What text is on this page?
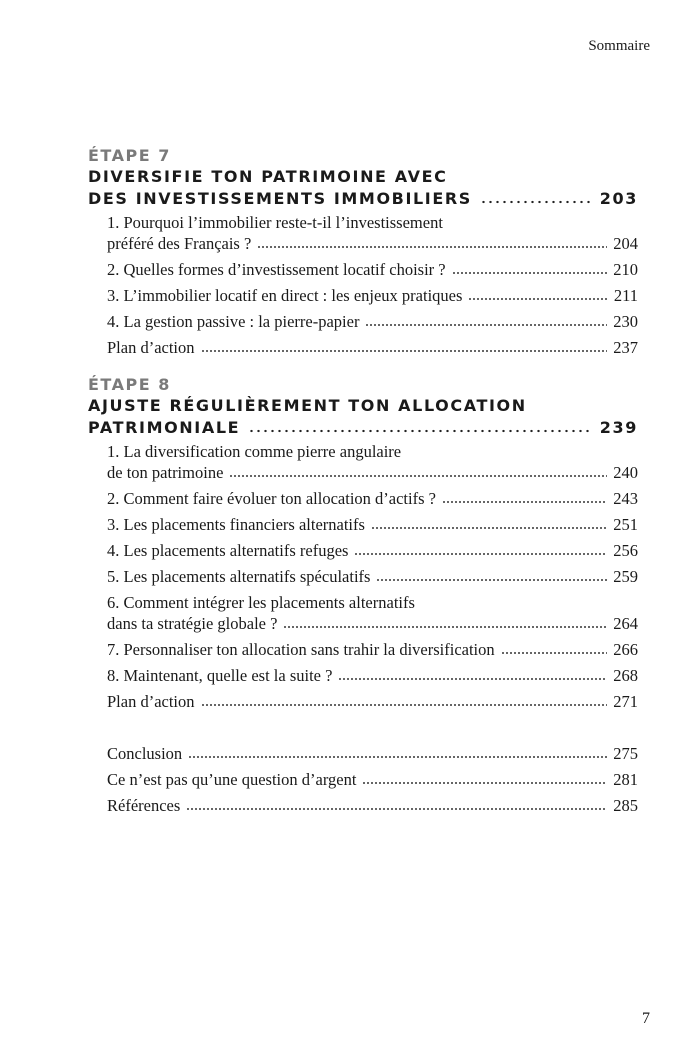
Sommaire
ÉTAPE 7
DIVERSIFIE TON PATRIMOINE AVEC
DES INVESTISSEMENTS IMMOBILIERS	203
1. Pourquoi l’immobilier reste-t-il l’investissement
préféré des Français ?	204
2. Quelles formes d’investissement locatif choisir ?	210
3. L’immobilier locatif en direct : les enjeux pratiques	211
4. La gestion passive : la pierre-papier	230
Plan d’action	237
ÉTAPE 8
AJUSTE RÉGULIÈREMENT TON ALLOCATION
PATRIMONIALE	239
1. La diversification comme pierre angulaire
de ton patrimoine	240
2. Comment faire évoluer ton allocation d’actifs ?	243
3. Les placements financiers alternatifs	251
4. Les placements alternatifs refuges	256
5. Les placements alternatifs spéculatifs	259
6. Comment intégrer les placements alternatifs
dans ta stratégie globale ?	264
7. Personnaliser ton allocation sans trahir la diversification	266
8. Maintenant, quelle est la suite ?	268
Plan d’action	271
Conclusion	275
Ce n’est pas qu’une question d’argent	281
Références	285
7
